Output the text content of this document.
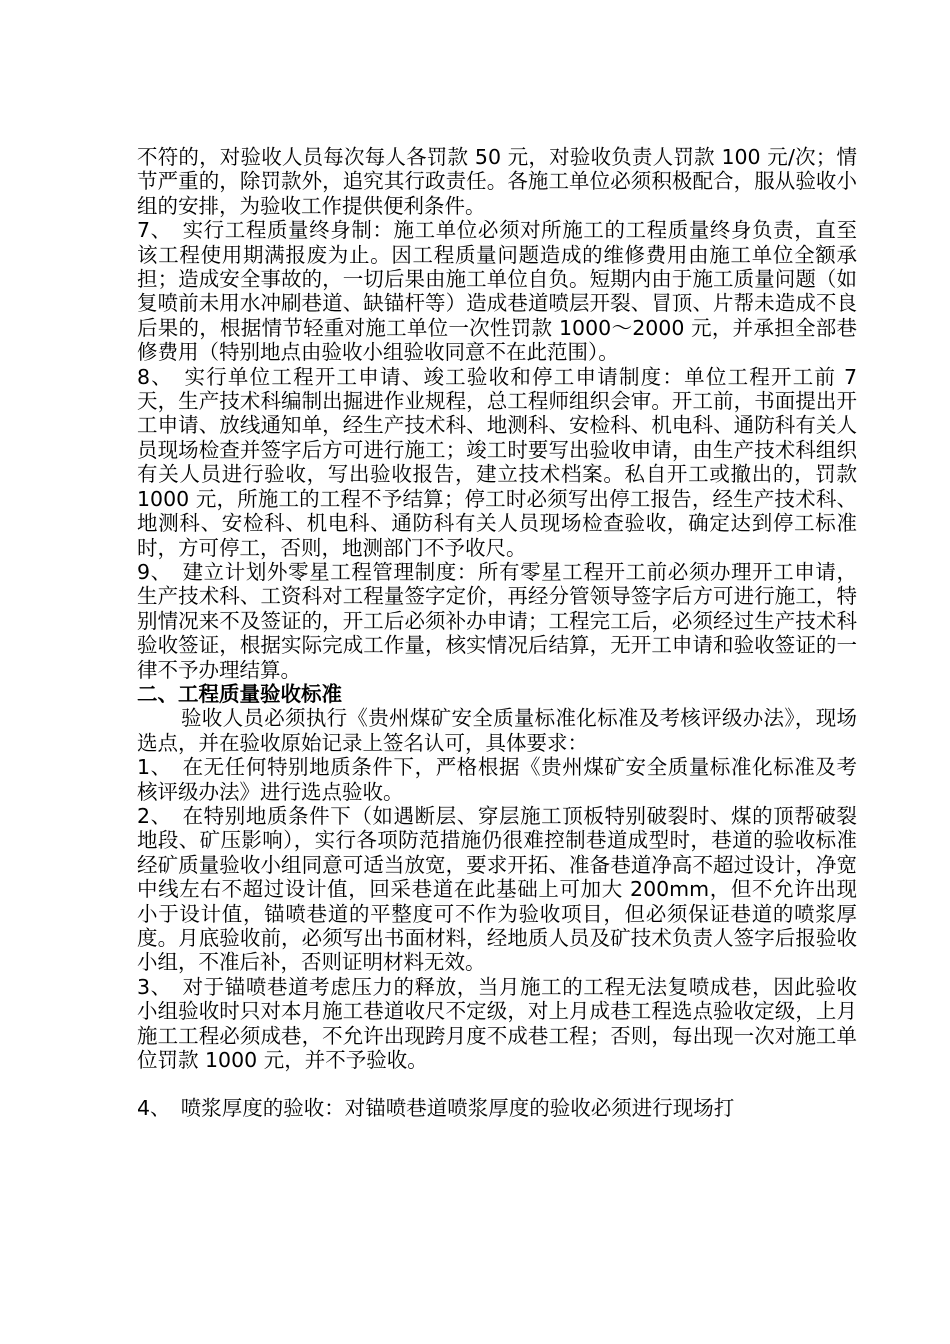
不符的，对验收人员每次每人各罚款 50 元，对验收负责人罚款 100 元/次；情节严重的，除罚款外，追究其行政责任。各施工单位必须积极配合，服从验收小组的安排，为验收工作提供便利条件。

7、　实行工程质量终身制：施工单位必须对所施工的工程质量终身负责，直至该工程使用期满报废为止。因工程质量问题造成的维修费用由施工单位全额承担；造成安全事故的，一切后果由施工单位自负。短期内由于施工质量问题（如复喷前未用水冲刷巷道、缺锚杆等）造成巷道喷层开裂、冒顶、片帮未造成不良后果的，根据情节轻重对施工单位一次性罚款 1000～2000 元，并承担全部巷修费用（特别地点由验收小组验收同意不在此范围）。

8、　实行单位工程开工申请、竣工验收和停工申请制度：单位工程开工前 7 天，生产技术科编制出掘进作业规程，总工程师组织会审。开工前，书面提出开工申请、放线通知单，经生产技术科、地测科、安检科、机电科、通防科有关人员现场检查并签字后方可进行施工；竣工时要写出验收申请，由生产技术科组织有关人员进行验收，写出验收报告，建立技术档案。私自开工或撤出的，罚款 1000 元，所施工的工程不予结算；停工时必须写出停工报告，经生产技术科、地测科、安检科、机电科、通防科有关人员现场检查验收，确定达到停工标准时，方可停工，否则，地测部门不予收尺。

9、　建立计划外零星工程管理制度：所有零星工程开工前必须办理开工申请，生产技术科、工资科对工程量签字定价，再经分管领导签字后方可进行施工，特别情况来不及签证的，开工后必须补办申请；工程完工后，必须经过生产技术科验收签证，根据实际完成工作量，核实情况后结算，无开工申请和验收签证的一律不予办理结算。

二、工程质量验收标准

验收人员必须执行《贵州煤矿安全质量标准化标准及考核评级办法》，现场选点，并在验收原始记录上签名认可，具体要求：

1、　在无任何特别地质条件下，严格根据《贵州煤矿安全质量标准化标准及考核评级办法》进行选点验收。

2、　在特别地质条件下（如遇断层、穿层施工顶板特别破裂时、煤的顶帮破裂地段、矿压影响），实行各项防范措施仍很难控制巷道成型时，巷道的验收标准经矿质量验收小组同意可适当放宽，要求开拓、准备巷道净高不超过设计，净宽中线左右不超过设计值，回采巷道在此基础上可加大 200mm，但不允许出现小于设计值，锚喷巷道的平整度可不作为验收项目，但必须保证巷道的喷浆厚度。月底验收前，必须写出书面材料，经地质人员及矿技术负责人签字后报验收小组，不准后补，否则证明材料无效。

3、　对于锚喷巷道考虑压力的释放，当月施工的工程无法复喷成巷，因此验收小组验收时只对本月施工巷道收尺不定级，对上月成巷工程选点验收定级，上月施工工程必须成巷，不允许出现跨月度不成巷工程；否则，每出现一次对施工单位罚款 1000 元，并不予验收。

4、　喷浆厚度的验收：对锚喷巷道喷浆厚度的验收必须进行现场打
